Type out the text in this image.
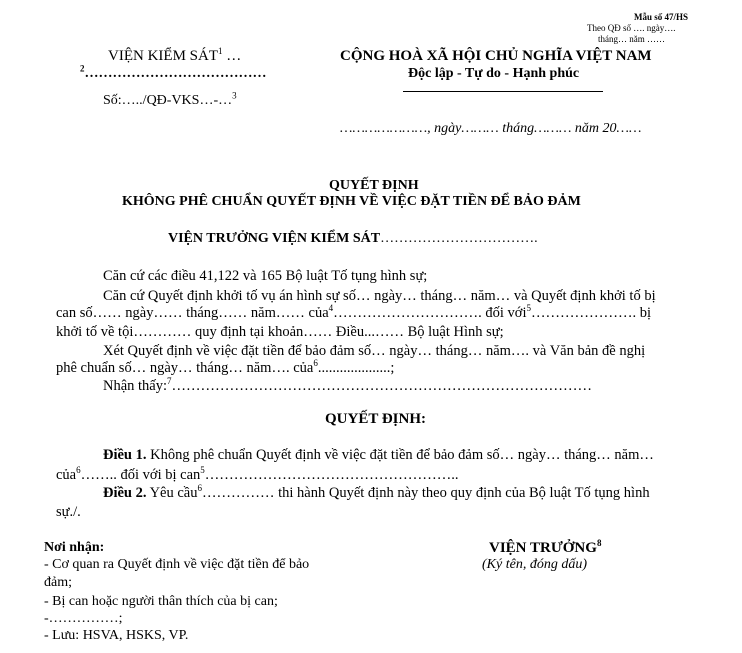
Mẫu số 47/HS
Theo QĐ số …. ngày….
tháng… năm ……
VIỆN KIỂM SÁT$^1$ …
$^2$…………………………………
Số:…../QĐ-VKS…-…$^3$
CỘNG HOÀ XÃ HỘI CHỦ NGHĨA VIỆT NAM
Độc lập - Tự do - Hạnh phúc
…………………, ngày……… tháng……… năm 20……
QUYẾT ĐỊNH
KHÔNG PHÊ CHUẨN QUYẾT ĐỊNH VỀ VIỆC ĐẶT TIỀN ĐỂ BẢO ĐẢM
VIỆN TRƯỞNG VIỆN KIỂM SÁT…………………………….
Căn cứ các điều 41,122 và 165 Bộ luật Tố tụng hình sự;
Căn cứ Quyết định khởi tố vụ án hình sự số… ngày… tháng… năm… và Quyết định khởi tố bị
can số…… ngày…… tháng…… năm…… của$^4$…………………………. đối với$^5$…………………. bị
khởi tố về tội………… quy định tại khoản…… Điều...…… Bộ luật Hình sự;
Xét Quyết định về việc đặt tiền để bảo đảm số… ngày… tháng… năm…. và Văn bản đề nghị
phê chuẩn số… ngày… tháng… năm…. của$^6$....................;
Nhận thấy:$^7$……………………………………………………………………………
QUYẾT ĐỊNH:
Điều 1. Không phê chuẩn Quyết định về việc đặt tiền để bảo đảm số… ngày… tháng… năm…
của$^6$…….. đối với bị can$^5$……………………………………………..
Điều 2. Yêu cầu$^6$…………… thi hành Quyết định này theo quy định của Bộ luật Tố tụng hình
sự./.
Nơi nhận:
- Cơ quan ra Quyết định về việc đặt tiền để bảo
đảm;
- Bị can hoặc người thân thích của bị can;
-……………;
- Lưu: HSVA, HSKS, VP.
VIỆN TRƯỞNG$^8$
(Ký tên, đóng dấu)
